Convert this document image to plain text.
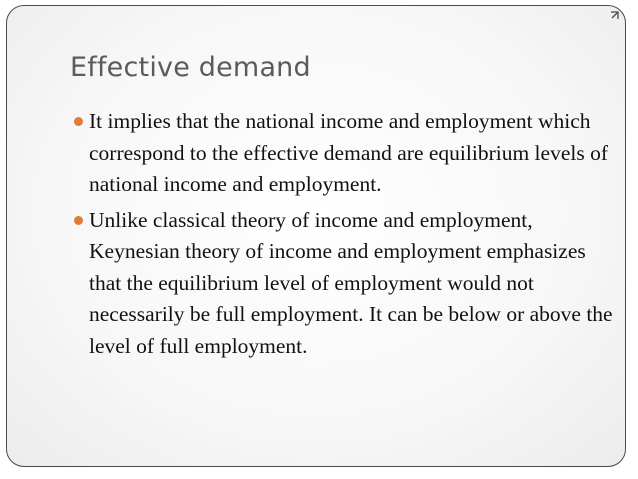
Effective demand
It implies that the national income and employment which correspond to the effective demand are equilibrium levels of national income and employment.
Unlike classical theory of income and employment, Keynesian theory of income and employment emphasizes that the equilibrium level of employment would not necessarily be full employment. It can be below or above the level of full employment.
